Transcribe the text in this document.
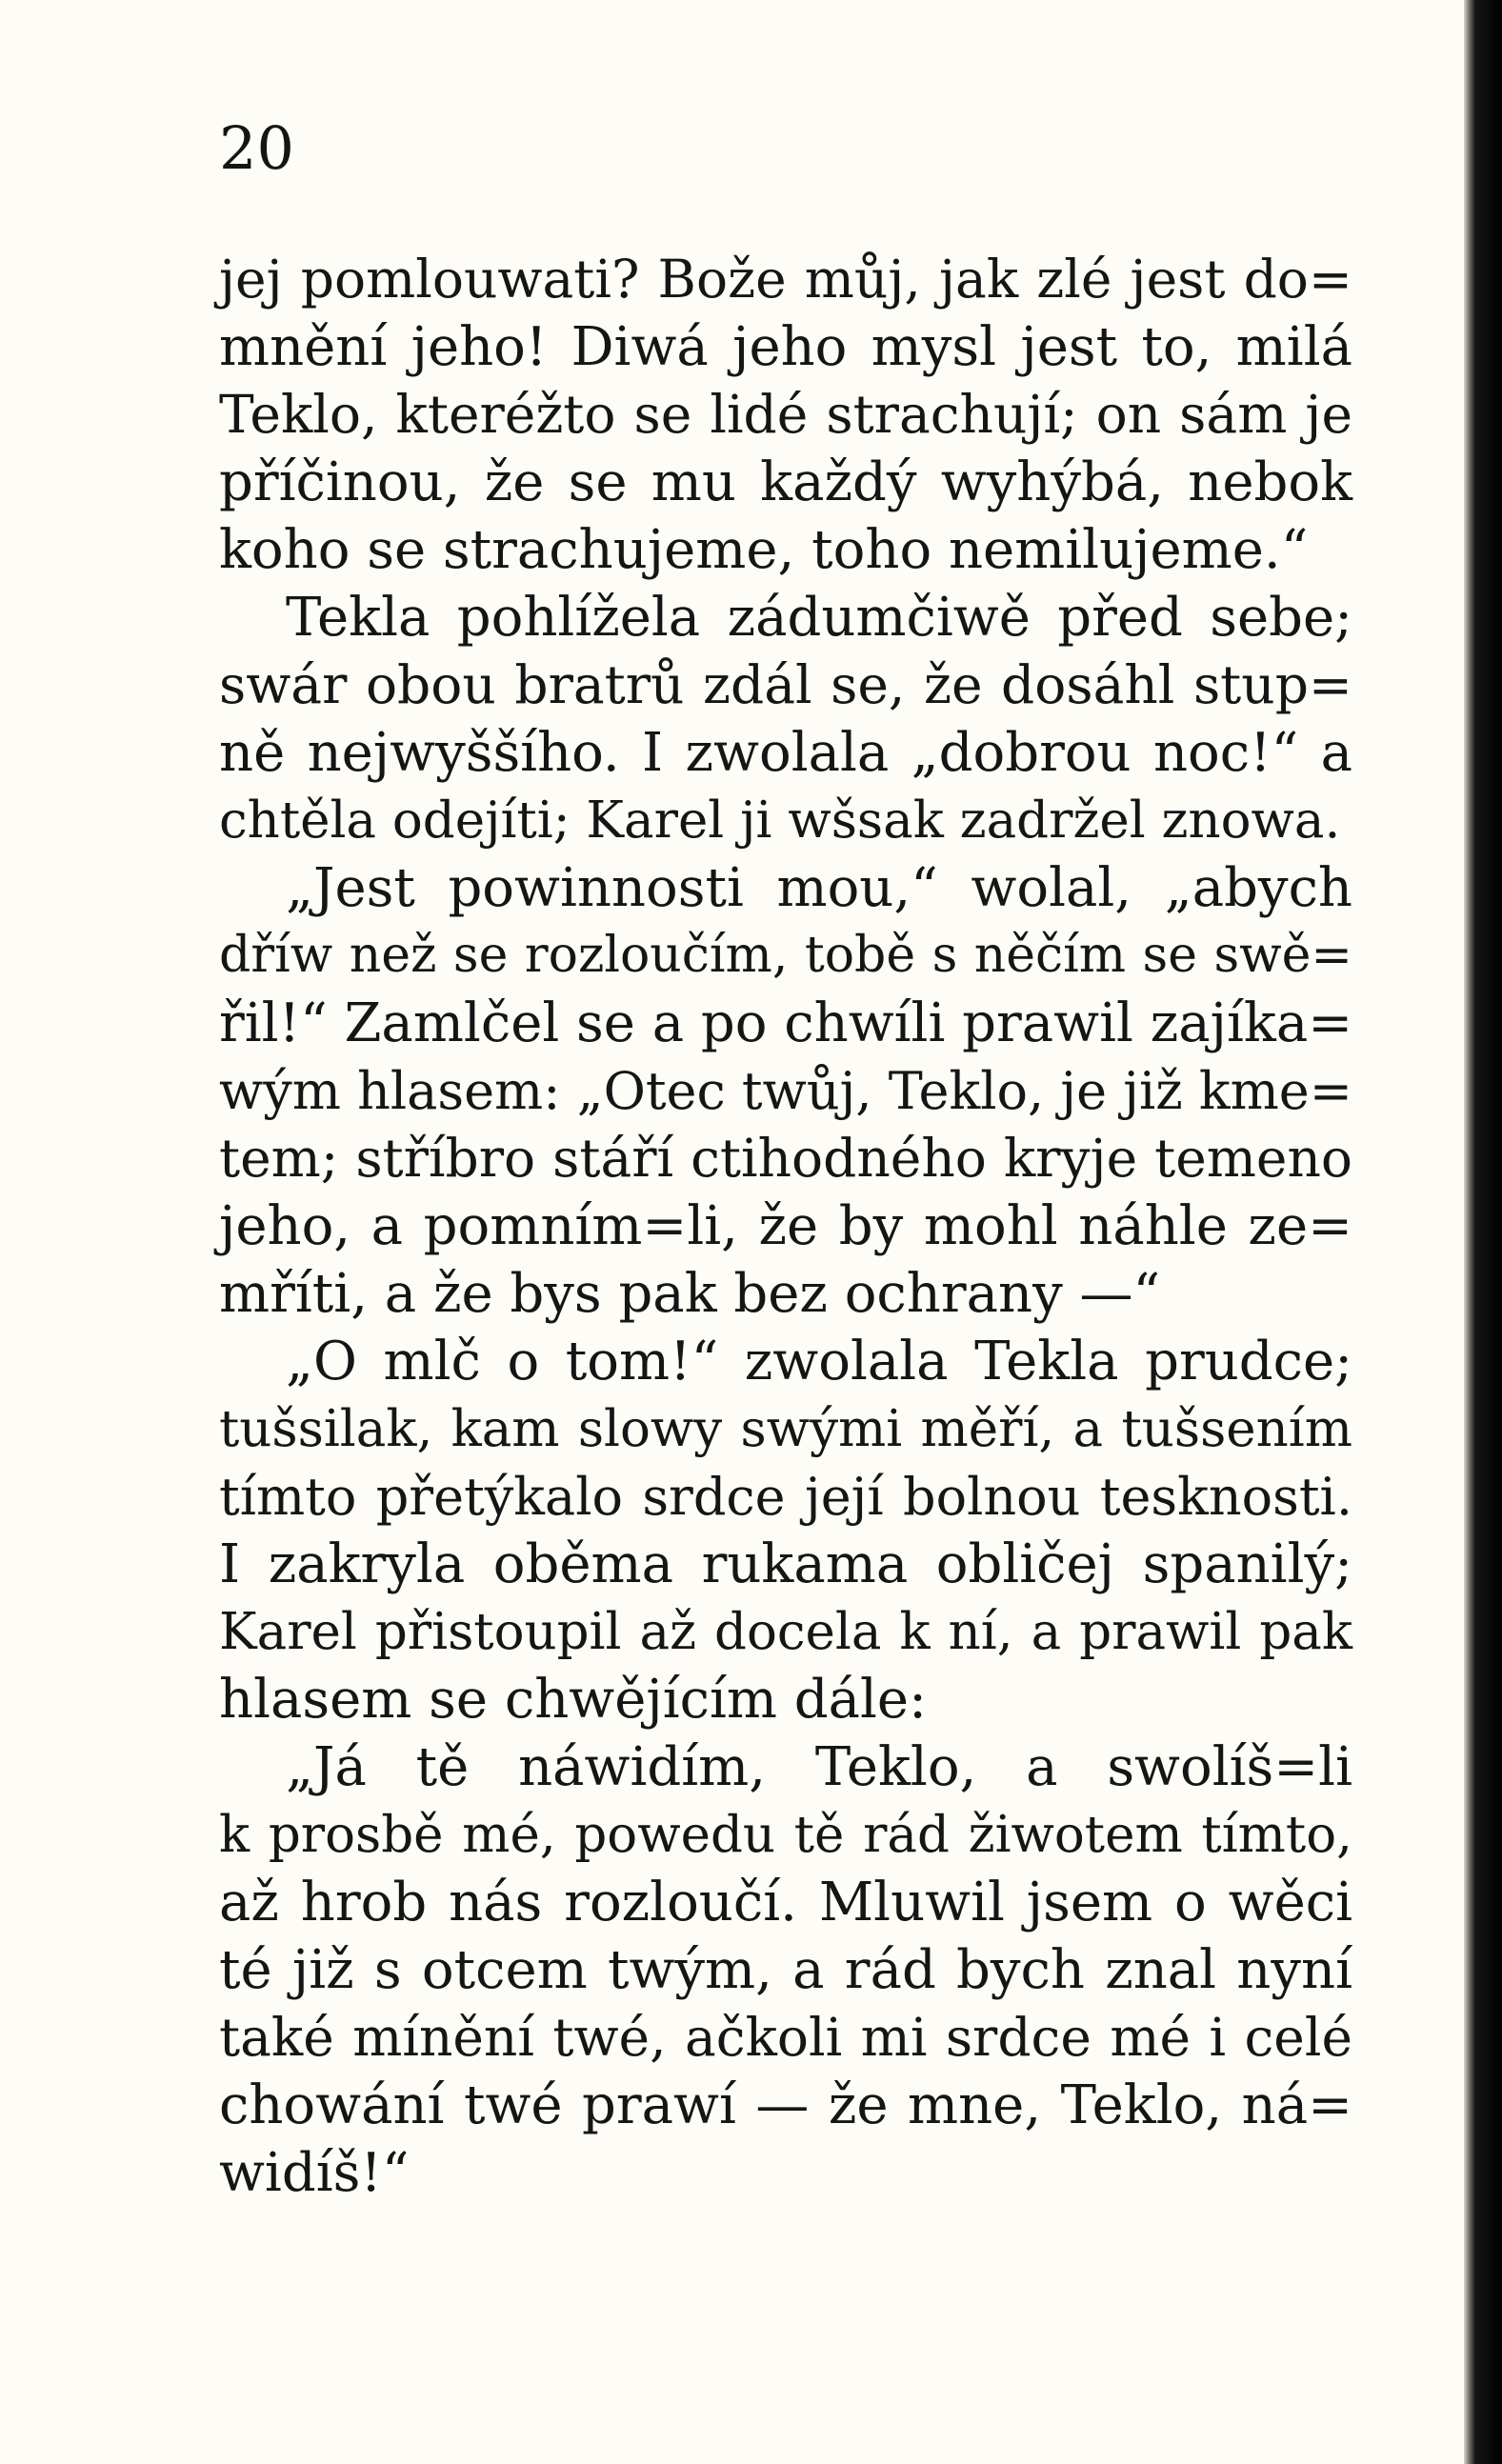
20
jej pomlouwati? Bože můj, jak zlé jest do=
mnění jeho! Diwá jeho mysl jest to, milá
Teklo, kteréžto se lidé strachují; on sám je
příčinou, že se mu každý wyhýbá, nebok
koho se strachujeme, toho nemilujeme.“
Tekla pohlížela zádumčiwě před sebe;
swár obou bratrů zdál se, že dosáhl stup=
ně nejwyššího. I zwolala „dobrou noc!“ a
chtěla odejíti; Karel ji wšsak zadržel znowa.
„Jest powinnosti mou,“ wolal, „abych
dříw než se rozloučím, tobě s něčím se swě=
řil!“ Zamlčel se a po chwíli prawil zajíka=
wým hlasem: „Otec twůj, Teklo, je již kme=
tem; stříbro stáří ctihodného kryje temeno
jeho, a pomním=li, že by mohl náhle ze=
mříti, a že bys pak bez ochrany —“
„O mlč o tom!“ zwolala Tekla prudce;
tušsilak, kam slowy swými měří, a tušsením
tímto přetýkalo srdce její bolnou tesknosti.
I zakryla oběma rukama obličej spanilý;
Karel přistoupil až docela k ní, a prawil pak
hlasem se chwějícím dále:
„Já tě náwidím, Teklo, a swolíš=li
k prosbě mé, powedu tě rád žiwotem tímto,
až hrob nás rozloučí. Mluwil jsem o wěci
té již s otcem twým, a rád bych znal nyní
také mínění twé, ačkoli mi srdce mé i celé
chowání twé prawí — že mne, Teklo, ná=
widíš!“
